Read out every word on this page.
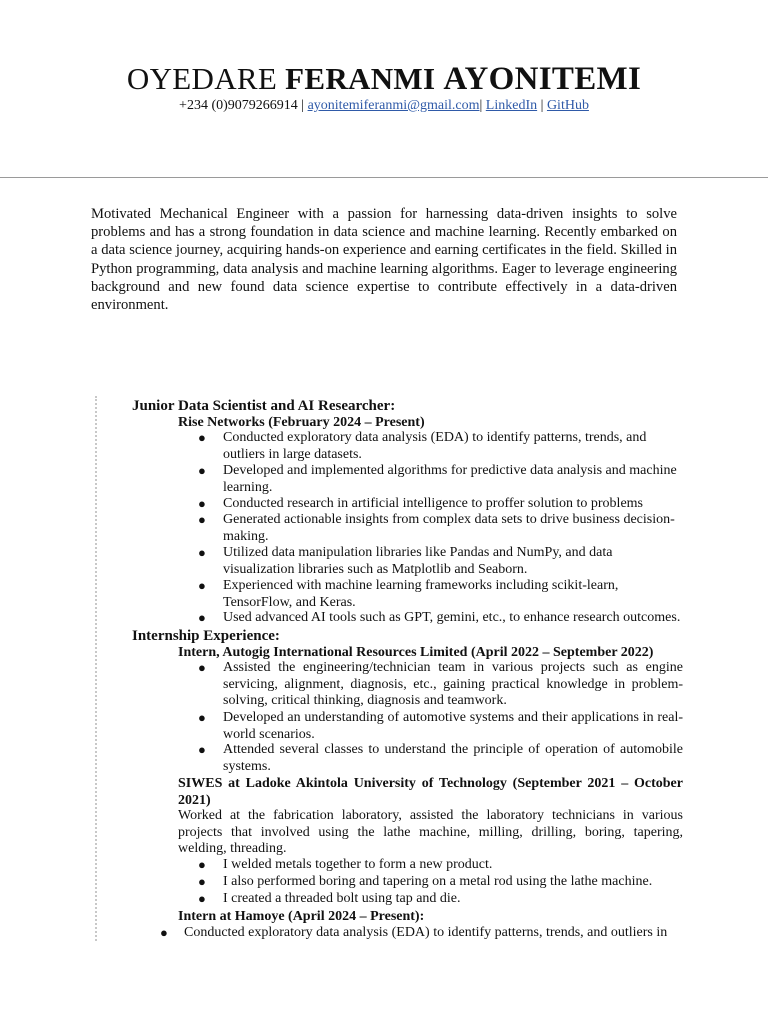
OYEDARE FERANMI AYONITEMI
+234 (0)9079266914 | ayonitemiferanmi@gmail.com| LinkedIn | GitHub
Motivated Mechanical Engineer with a passion for harnessing data-driven insights to solve problems and has a strong foundation in data science and machine learning. Recently embarked on a data science journey, acquiring hands-on experience and earning certificates in the field. Skilled in Python programming, data analysis and machine learning algorithms. Eager to leverage engineering background and new found data science expertise to contribute effectively in a data-driven environment.
Junior Data Scientist and AI Researcher:
Rise Networks (February 2024 – Present)
● Conducted exploratory data analysis (EDA) to identify patterns, trends, and outliers in large datasets.
● Developed and implemented algorithms for predictive data analysis and machine learning.
● Conducted research in artificial intelligence to proffer solution to problems
● Generated actionable insights from complex data sets to drive business decision-making.
● Utilized data manipulation libraries like Pandas and NumPy, and data visualization libraries such as Matplotlib and Seaborn.
● Experienced with machine learning frameworks including scikit-learn, TensorFlow, and Keras.
● Used advanced AI tools such as GPT, gemini, etc., to enhance research outcomes.
Internship Experience:
Intern, Autogig International Resources Limited (April 2022 – September 2022)
● Assisted the engineering/technician team in various projects such as engine servicing, alignment, diagnosis, etc., gaining practical knowledge in problem-solving, critical thinking, diagnosis and teamwork.
● Developed an understanding of automotive systems and their applications in real-world scenarios.
● Attended several classes to understand the principle of operation of automobile systems.
SIWES at Ladoke Akintola University of Technology (September 2021 – October 2021)
Worked at the fabrication laboratory, assisted the laboratory technicians in various projects that involved using the lathe machine, milling, drilling, boring, tapering, welding, threading.
● I welded metals together to form a new product.
● I also performed boring and tapering on a metal rod using the lathe machine.
● I created a threaded bolt using tap and die.
Intern at Hamoye (April 2024 – Present):
● Conducted exploratory data analysis (EDA) to identify patterns, trends, and outliers in
